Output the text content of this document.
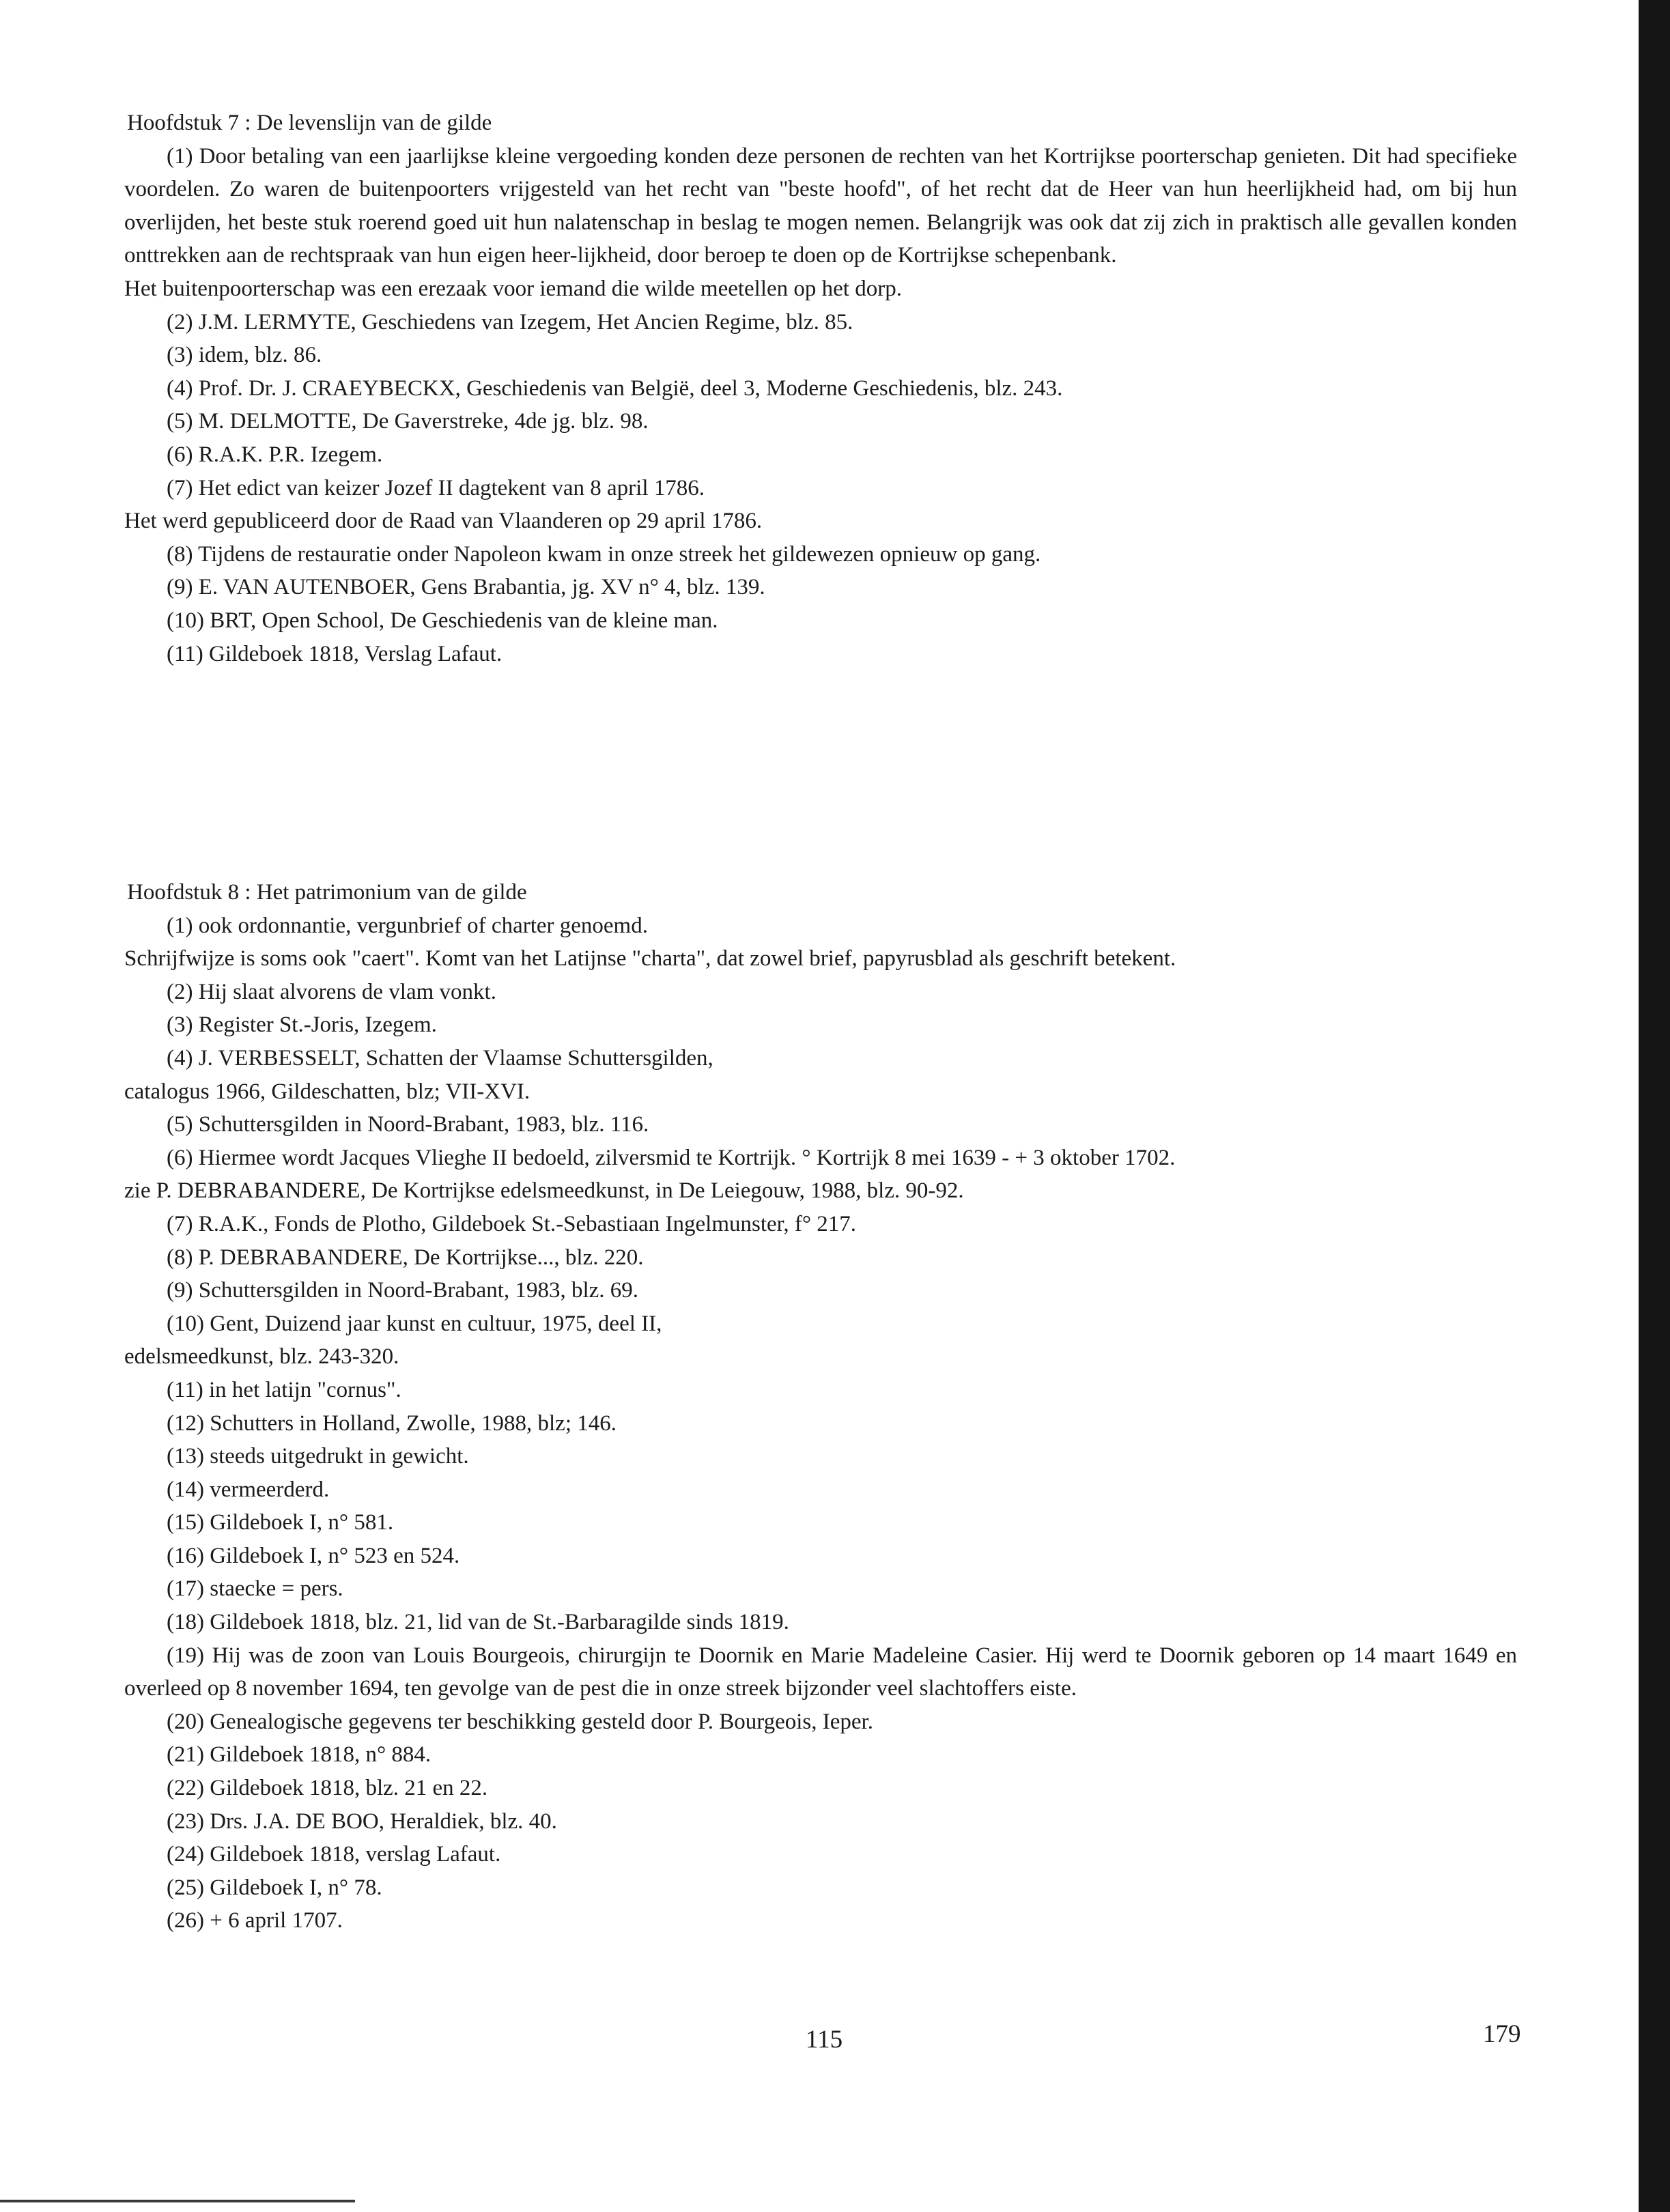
Hoofdstuk 7 : De levenslijn van de gilde

(1) Door betaling van een jaarlijkse kleine vergoeding konden deze personen de rechten van het Kortrijkse poorterschap genieten. Dit had specifieke voordelen. Zo waren de buitenpoorters vrijgesteld van het recht van "beste hoofd", of het recht dat de Heer van hun heerlijkheid had, om bij hun overlijden, het beste stuk roerend goed uit hun nalatenschap in beslag te mogen nemen. Belangrijk was ook dat zij zich in praktisch alle gevallen konden onttrekken aan de rechtspraak van hun eigen heer-lijkheid, door beroep te doen op de Kortrijkse schepenbank.

Het buitenpoorterschap was een erezaak voor iemand die wilde meetellen op het dorp.

(2) J.M. LERMYTE, Geschiedens van Izegem, Het Ancien Regime, blz. 85.

(3) idem, blz. 86.

(4) Prof. Dr. J. CRAEYBECKX, Geschiedenis van België, deel 3, Moderne Geschiedenis, blz. 243.

(5) M. DELMOTTE, De Gaverstreke, 4de jg. blz. 98.

(6) R.A.K. P.R. Izegem.

(7) Het edict van keizer Jozef II dagtekent van 8 april 1786.

Het werd gepubliceerd door de Raad van Vlaanderen op 29 april 1786.

(8) Tijdens de restauratie onder Napoleon kwam in onze streek het gildewezen opnieuw op gang.

(9) E. VAN AUTENBOER, Gens Brabantia, jg. XV n° 4, blz. 139.

(10) BRT, Open School, De Geschiedenis van de kleine man.

(11) Gildeboek 1818, Verslag Lafaut.

Hoofdstuk 8 : Het patrimonium van de gilde

(1) ook ordonnantie, vergunbrief of charter genoemd.

Schrijfwijze is soms ook "caert". Komt van het Latijnse "charta", dat zowel brief, papyrusblad als geschrift betekent.

(2) Hij slaat alvorens de vlam vonkt.

(3) Register St.-Joris, Izegem.

(4) J. VERBESSELT, Schatten der Vlaamse Schuttersgilden,

catalogus 1966, Gildeschatten, blz; VII-XVI.

(5) Schuttersgilden in Noord-Brabant, 1983, blz. 116.

(6) Hiermee wordt Jacques Vlieghe II bedoeld, zilversmid te Kortrijk. ° Kortrijk 8 mei 1639 - + 3 oktober 1702.

zie P. DEBRABANDERE, De Kortrijkse edelsmeedkunst, in De Leiegouw, 1988, blz. 90-92.

(7) R.A.K., Fonds de Plotho, Gildeboek St.-Sebastiaan Ingelmunster, f° 217.

(8) P. DEBRABANDERE, De Kortrijkse..., blz. 220.

(9) Schuttersgilden in Noord-Brabant, 1983, blz. 69.

(10) Gent, Duizend jaar kunst en cultuur, 1975, deel II,

edelsmeedkunst, blz. 243-320.

(11) in het latijn "cornus".

(12) Schutters in Holland, Zwolle, 1988, blz; 146.

(13) steeds uitgedrukt in gewicht.

(14) vermeerderd.

(15) Gildeboek I, n° 581.

(16) Gildeboek I, n° 523 en 524.

(17) staecke = pers.

(18) Gildeboek 1818, blz. 21, lid van de St.-Barbaragilde sinds 1819.

(19) Hij was de zoon van Louis Bourgeois, chirurgijn te Doornik en Marie Madeleine Casier. Hij werd te Doornik geboren op 14 maart 1649 en overleed op 8 november 1694, ten gevolge van de pest die in onze streek bijzonder veel slachtoffers eiste.

(20) Genealogische gegevens ter beschikking gesteld door P. Bourgeois, Ieper.

(21) Gildeboek 1818, n° 884.

(22) Gildeboek 1818, blz. 21 en 22.

(23) Drs. J.A. DE BOO, Heraldiek, blz. 40.

(24) Gildeboek 1818, verslag Lafaut.

(25) Gildeboek I, n° 78.

(26) + 6 april 1707.

115	179
